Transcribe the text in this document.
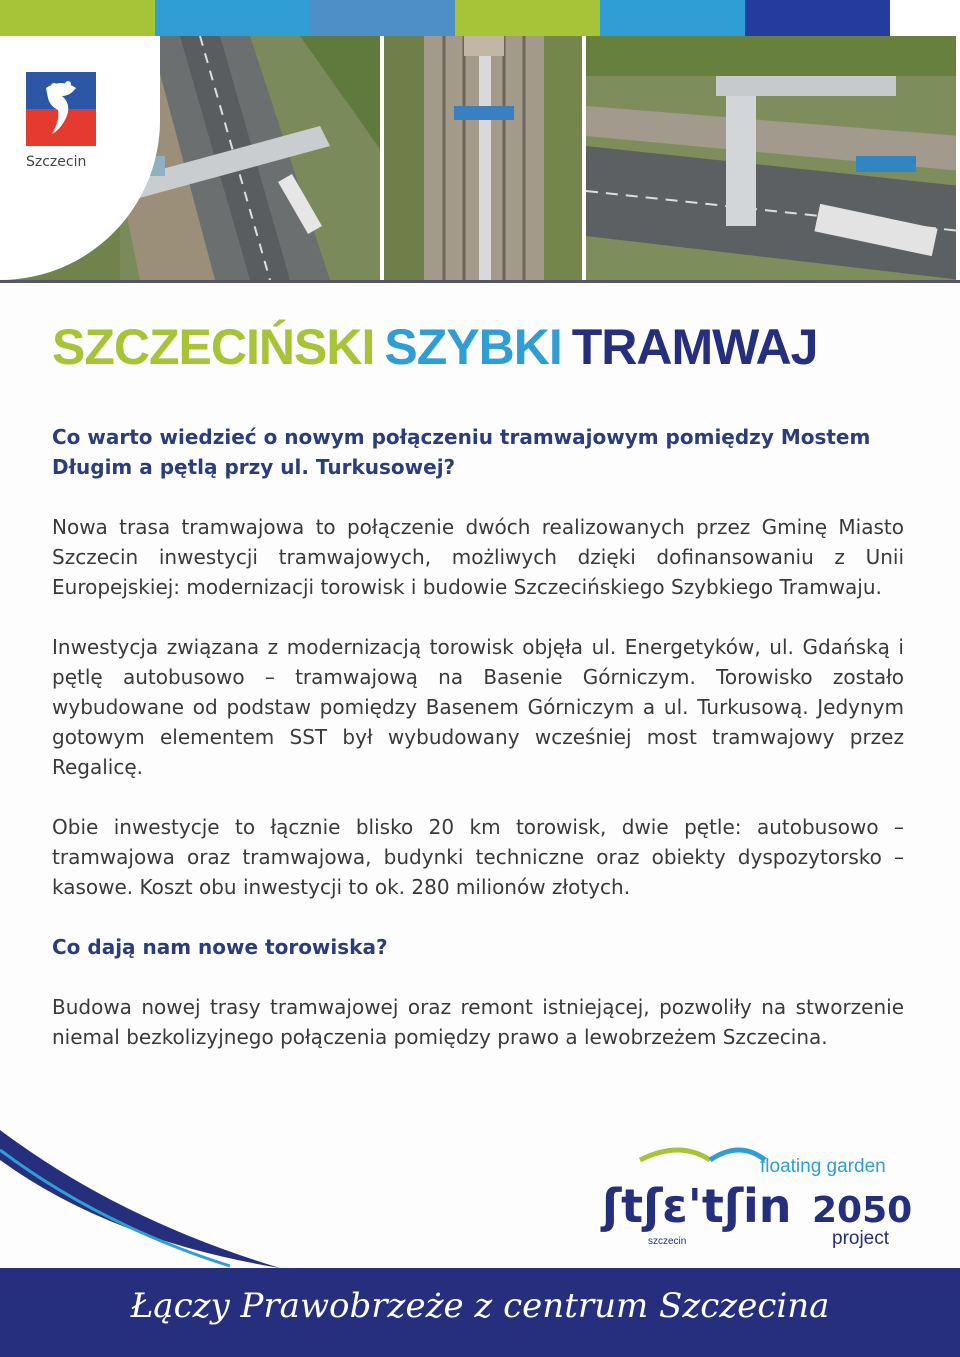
Szczecin
SZCZECIŃSKI SZYBKI TRAMWAJ

Co warto wiedzieć o nowym połączeniu tramwajowym pomiędzy Mostem Długim a pętlą przy ul. Turkusowej?

Nowa trasa tramwajowa to połączenie dwóch realizowanych przez Gminę Miasto Szczecin inwestycji tramwajowych, możliwych dzięki dofinansowaniu z Unii Europejskiej: modernizacji torowisk i budowie Szczecińskiego Szybkiego Tramwaju.

Inwestycja związana z modernizacją torowisk objęła ul. Energetyków, ul. Gdańską i pętlę autobusowo – tramwajową na Basenie Górniczym. Torowisko zostało wybudowane od podstaw pomiędzy Basenem Górniczym a ul. Turkusową. Jedynym gotowym elementem SST był wybudowany wcześniej most tramwajowy przez Regalicę.

Obie inwestycje to łącznie blisko 20 km torowisk, dwie pętle: autobusowo – tramwajowa oraz tramwajowa, budynki techniczne oraz obiekty dyspozytorsko – kasowe. Koszt obu inwestycji to ok. 280 milionów złotych.

Co dają nam nowe torowiska?

Budowa nowej trasy tramwajowej oraz remont istniejącej, pozwoliły na stworzenie niemal bezkolizyjnego połączenia pomiędzy prawo a lewobrzeżem Szczecina.

floating garden
ʃtʃɛ'tʃin 2050
project
szczecin
Łączy Prawobrzeże z centrum Szczecina
